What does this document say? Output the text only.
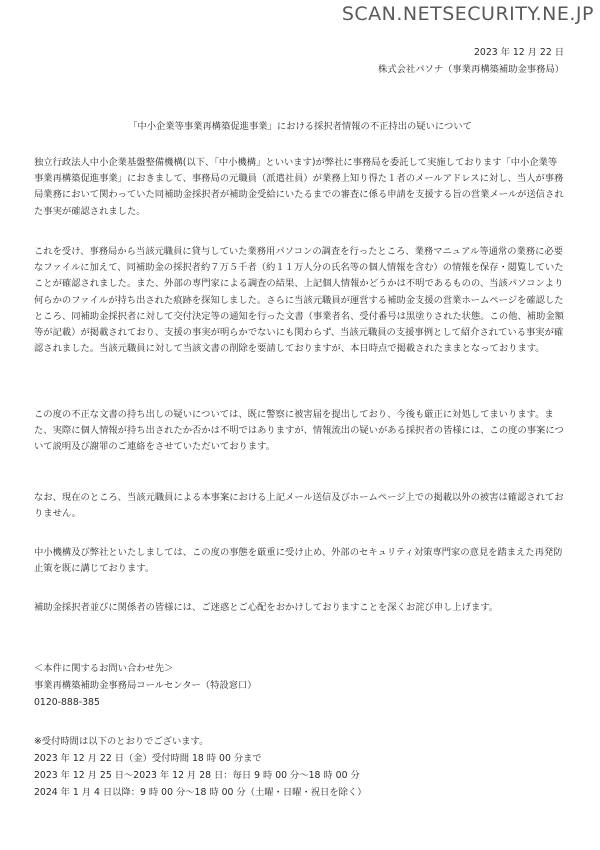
SCAN.NETSECURITY.NE.JP
2023 年 12 月 22 日
株式会社パソナ（事業再構築補助金事務局）
「中小企業等事業再構築促進事業」における採択者情報の不正持出の疑いについて

独立行政法人中小企業基盤整備機構(以下、「中小機構」といいます)が弊社に事務局を委託して実施しております「中小企業等事業再構築促進事業」におきまして、事務局の元職員（派遣社員）が業務上知り得た１者のメールアドレスに対し、当人が事務局業務において関わっていた同補助金採択者が補助金受給にいたるまでの審査に係る申請を支援する旨の営業メールが送信された事実が確認されました。

これを受け、事務局から当該元職員に貸与していた業務用パソコンの調査を行ったところ、業務マニュアル等通常の業務に必要なファイルに加えて、同補助金の採択者約７万５千者（約１１万人分の氏名等の個人情報を含む）の情報を保存・閲覧していたことが確認されました。また、外部の専門家による調査の結果、上記個人情報かどうかは不明であるものの、当該パソコンより何らかのファイルが持ち出された痕跡を探知しました。さらに当該元職員が運営する補助金支援の営業ホームページを確認したところ、同補助金採択者に対して交付決定等の通知を行った文書（事業者名、受付番号は黒塗りされた状態。この他、補助金額等が記載）が掲載されており、支援の事実が明らかでないにも関わらず、当該元職員の支援事例として紹介されている事実が確認されました。当該元職員に対して当該文書の削除を要請しておりますが、本日時点で掲載されたままとなっております。

この度の不正な文書の持ち出しの疑いについては、既に警察に被害届を提出しており、今後も厳正に対処してまいります。また、実際に個人情報が持ち出されたか否かは不明ではありますが、情報流出の疑いがある採択者の皆様には、この度の事案について説明及び謝罪のご連絡をさせていただいております。

なお、現在のところ、当該元職員による本事案における上記メール送信及びホームページ上での掲載以外の被害は確認されておりません。

中小機構及び弊社といたしましては、この度の事態を厳重に受け止め、外部のセキュリティ対策専門家の意見を踏まえた再発防止策を既に講じております。

補助金採択者並びに関係者の皆様には、ご迷惑とご心配をおかけしておりますことを深くお詫び申し上げます。

＜本件に関するお問い合わせ先＞
事業再構築補助金事務局コールセンター（特設窓口）
0120-888-385
※受付時間は以下のとおりでございます。
2023 年 12 月 22 日（金）受付時間 18 時 00 分まで
2023 年 12 月 25 日～2023 年 12 月 28 日：毎日 9 時 00 分～18 時 00 分
2024 年 1 月 4 日以降：9 時 00 分～18 時 00 分（土曜・日曜・祝日を除く）
